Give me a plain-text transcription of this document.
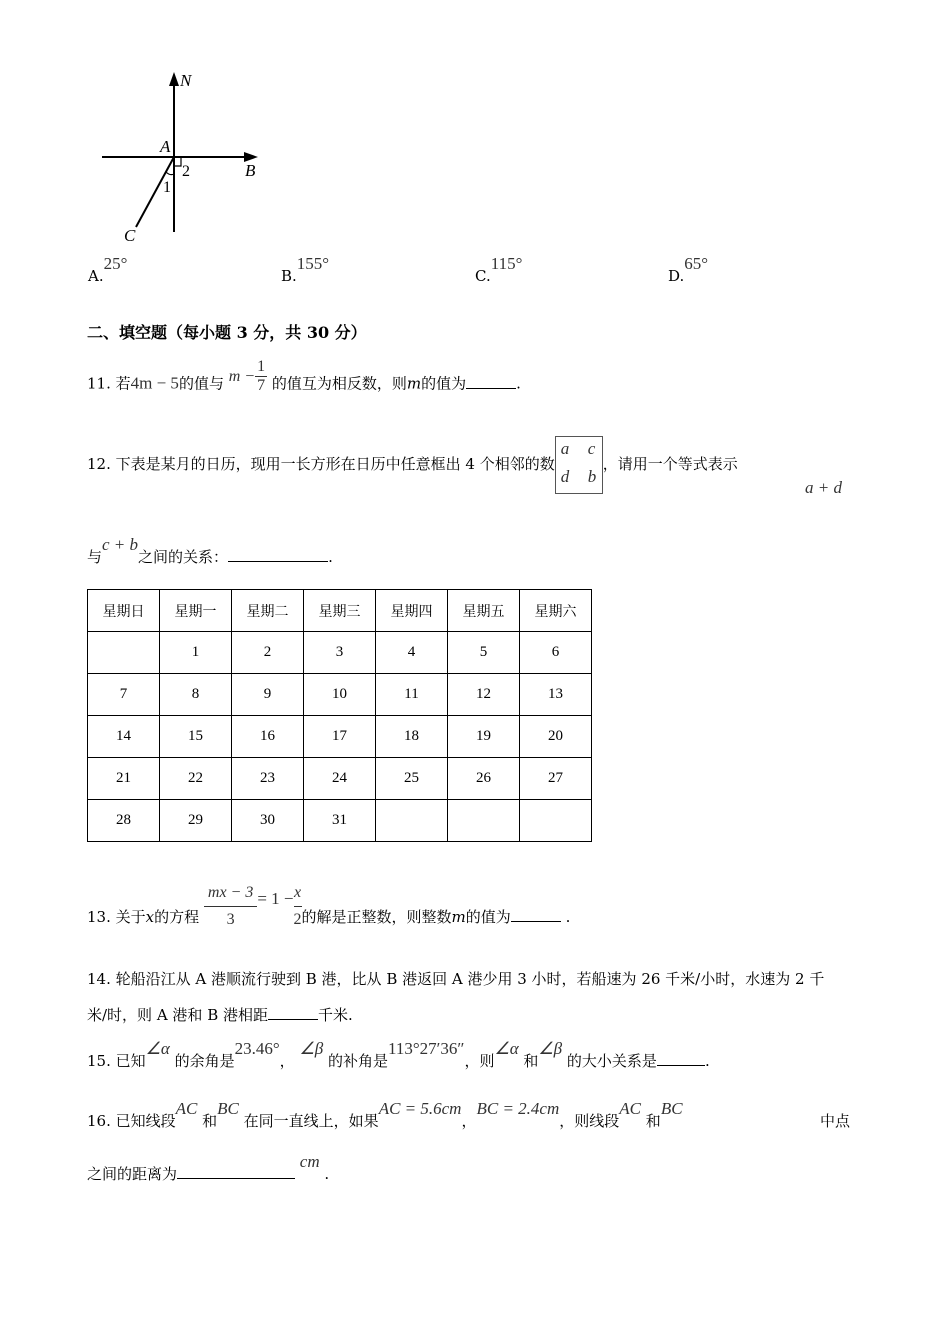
N
A
B
C
2
1
A.25°
B.155°
C.115°
D.65°
二、填空题（每小题 3 分，共 30 分）
11. 若4m − 5的值与 $m - \frac{1}{7}$ 的值互为相反数，则m的值为	.
12. 下表是某月的日历，现用一长方形在日历中任意框出 4 个相邻的数
a c
d b
，请用一个等式表示
a + d
与c + b之间的关系：	.
星期日	星期一	星期二	星期三	星期四	星期五	星期六
	1	2	3	4	5	6
7	8	9	10	11	12	13
14	15	16	17	18	19	20
21	22	23	24	25	26	27
28	29	30	31			
13. 关于x的方程 $\frac{mx - 3}{3} = 1 - \frac{x}{2}$ 的解是正整数，则整数m的值为	.
14. 轮船沿江从 A 港顺流行驶到 B 港，比从 B 港返回 A 港少用 3 小时，若船速为 26 千米/小时，水速为 2 千
米/时，则 A 港和 B 港相距	千米.
15. 已知∠α 的余角是23.46°， ∠β 的补角是113°27′36″，则∠α 和∠β 的大小关系是	.
16. 已知线段AC 和BC 在同一直线上，如果AC = 5.6cm，BC = 2.4cm，则线段AC 和BC
中点
之间的距离为 cm .
